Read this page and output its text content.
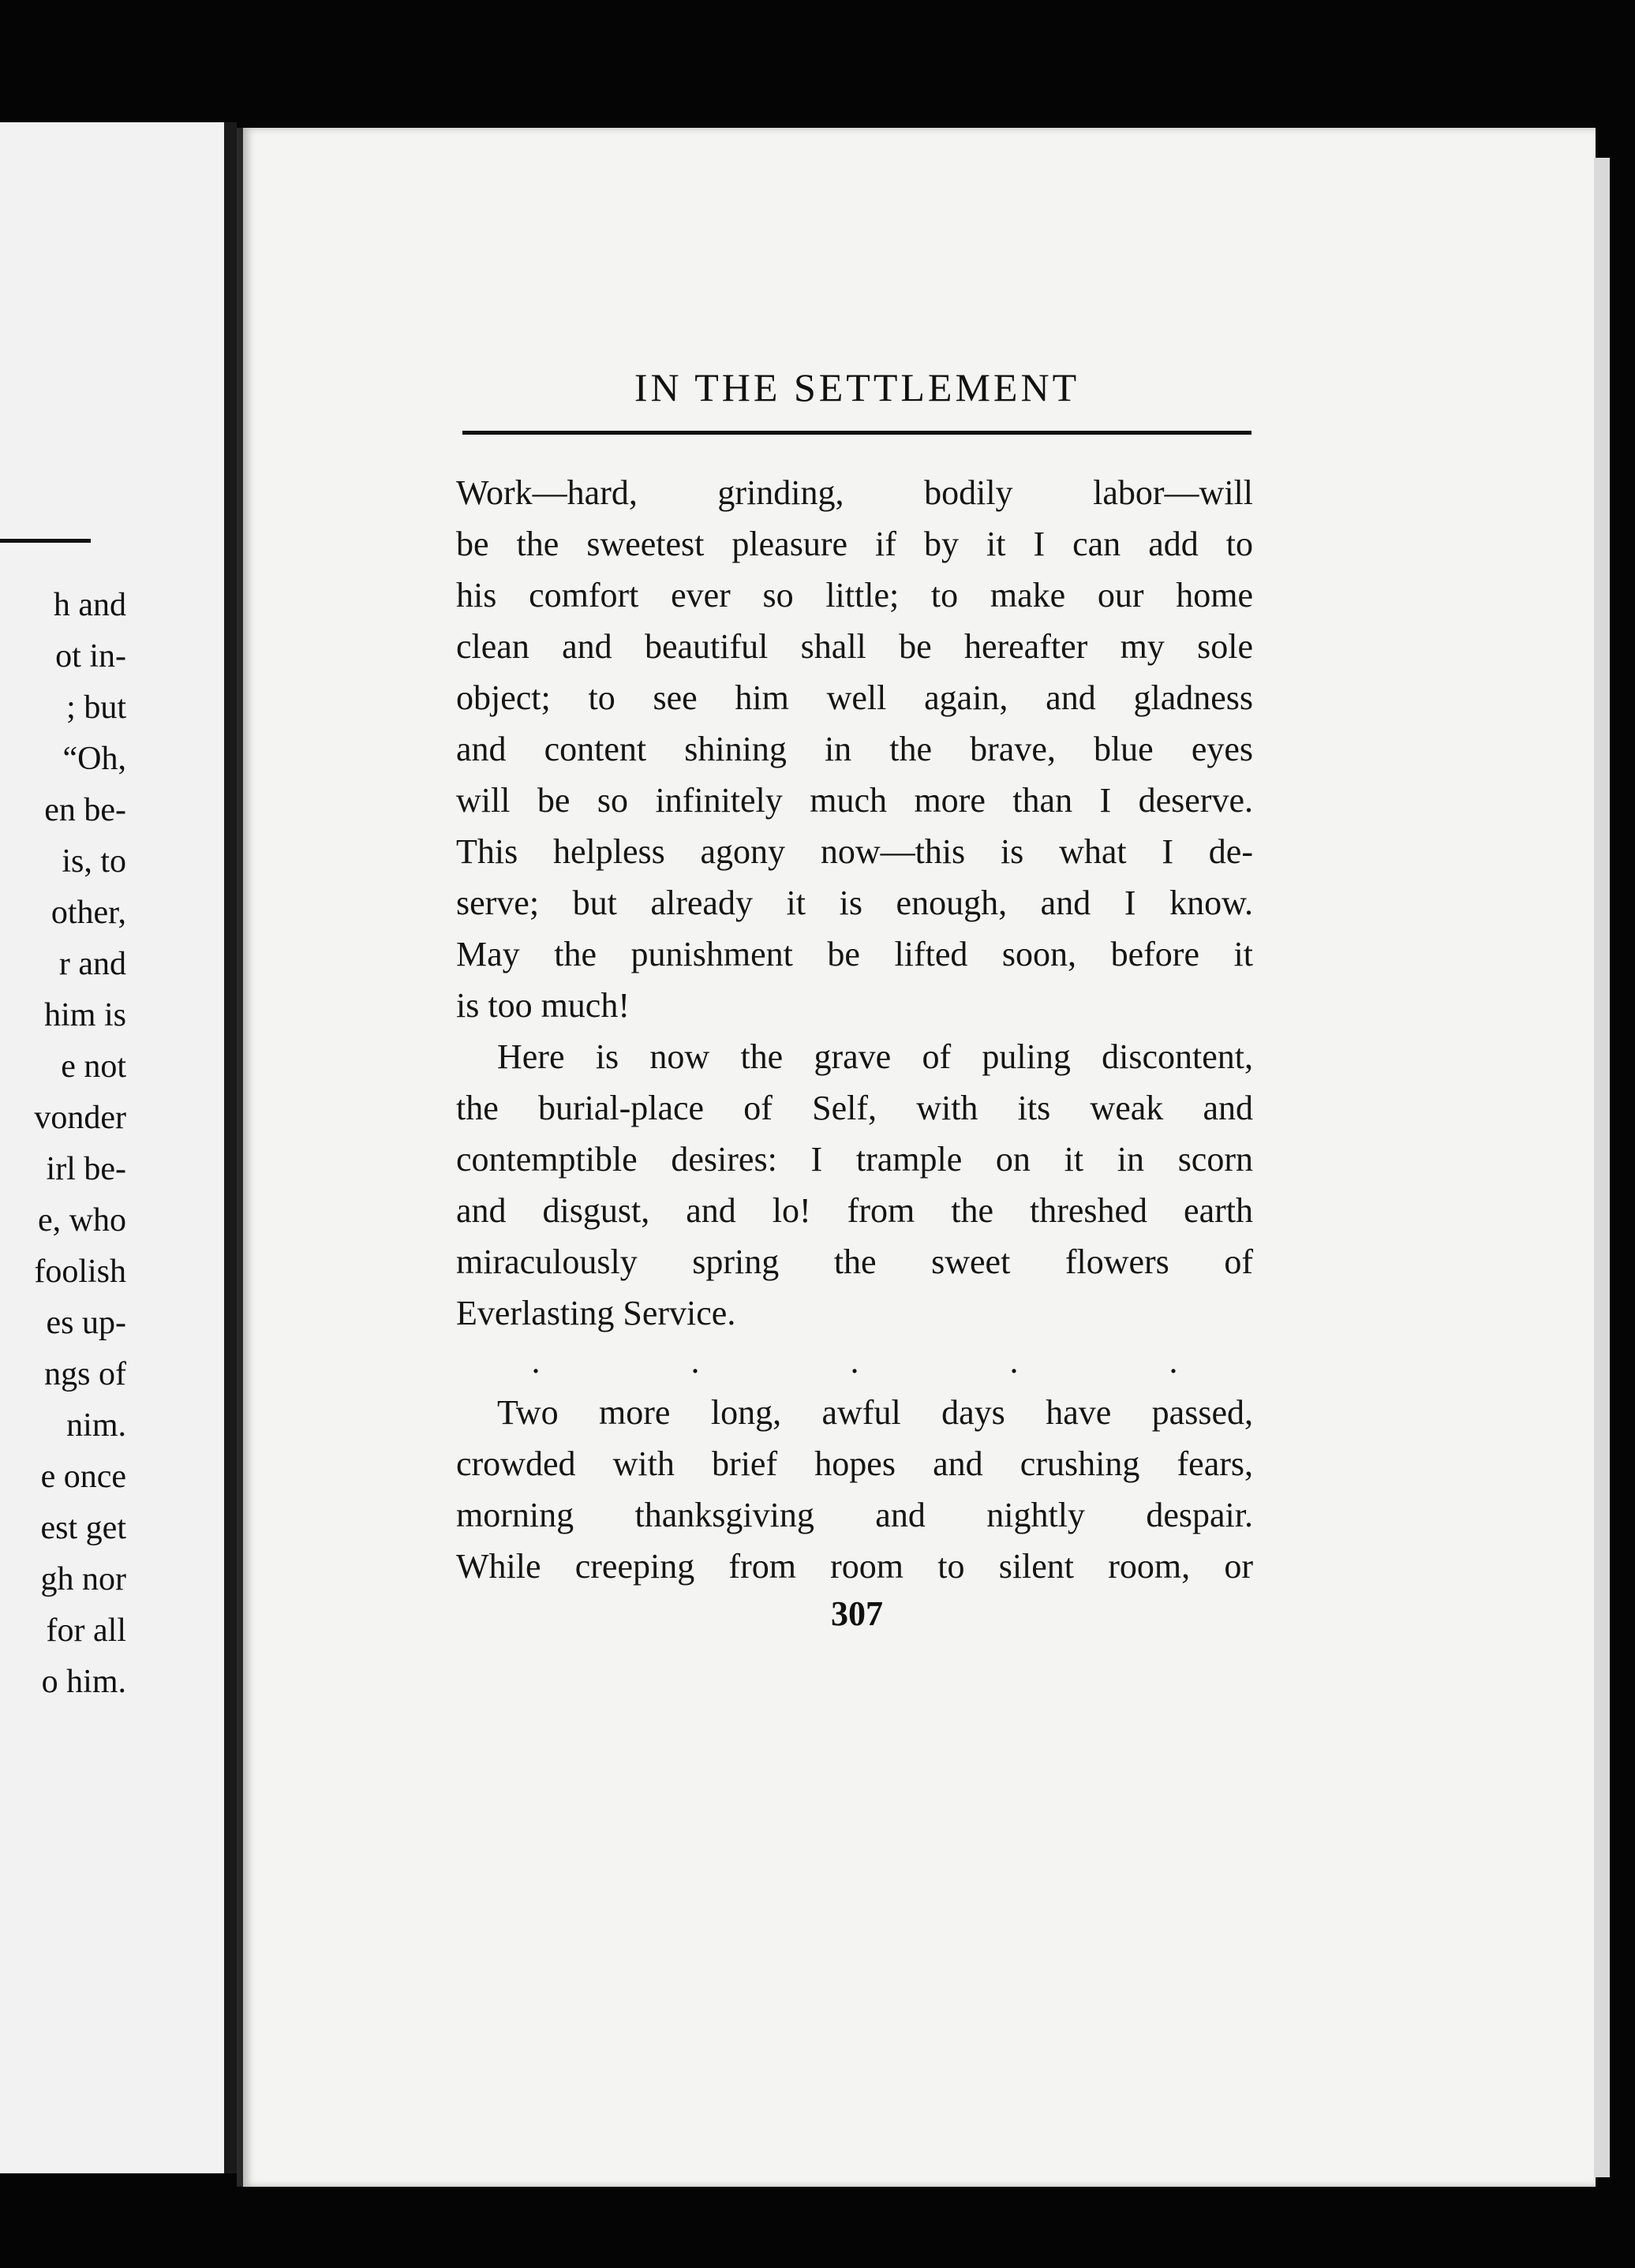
h and
ot in-
; but
“Oh,
en be-
is, to
other,
r and
him is
e not
vonder
irl be-
e, who
foolish
es up-
ngs of
nim.
e once
est get
gh nor
for all
o him.
IN THE SETTLEMENT
Work—hard, grinding, bodily labor—will
be the sweetest pleasure if by it I can add to
his comfort ever so little; to make our home
clean and beautiful shall be hereafter my sole
object; to see him well again, and gladness
and content shining in the brave, blue eyes
will be so infinitely much more than I deserve.
This helpless agony now—this is what I de-
serve; but already it is enough, and I know.
May the punishment be lifted soon, before it
is too much!
Here is now the grave of puling discontent,
the burial-place of Self, with its weak and
contemptible desires: I trample on it in scorn
and disgust, and lo! from the threshed earth
miraculously spring the sweet flowers of
Everlasting Service.
.	.	.	.	.
Two more long, awful days have passed,
crowded with brief hopes and crushing fears,
morning thanksgiving and nightly despair.
While creeping from room to silent room, or
307
